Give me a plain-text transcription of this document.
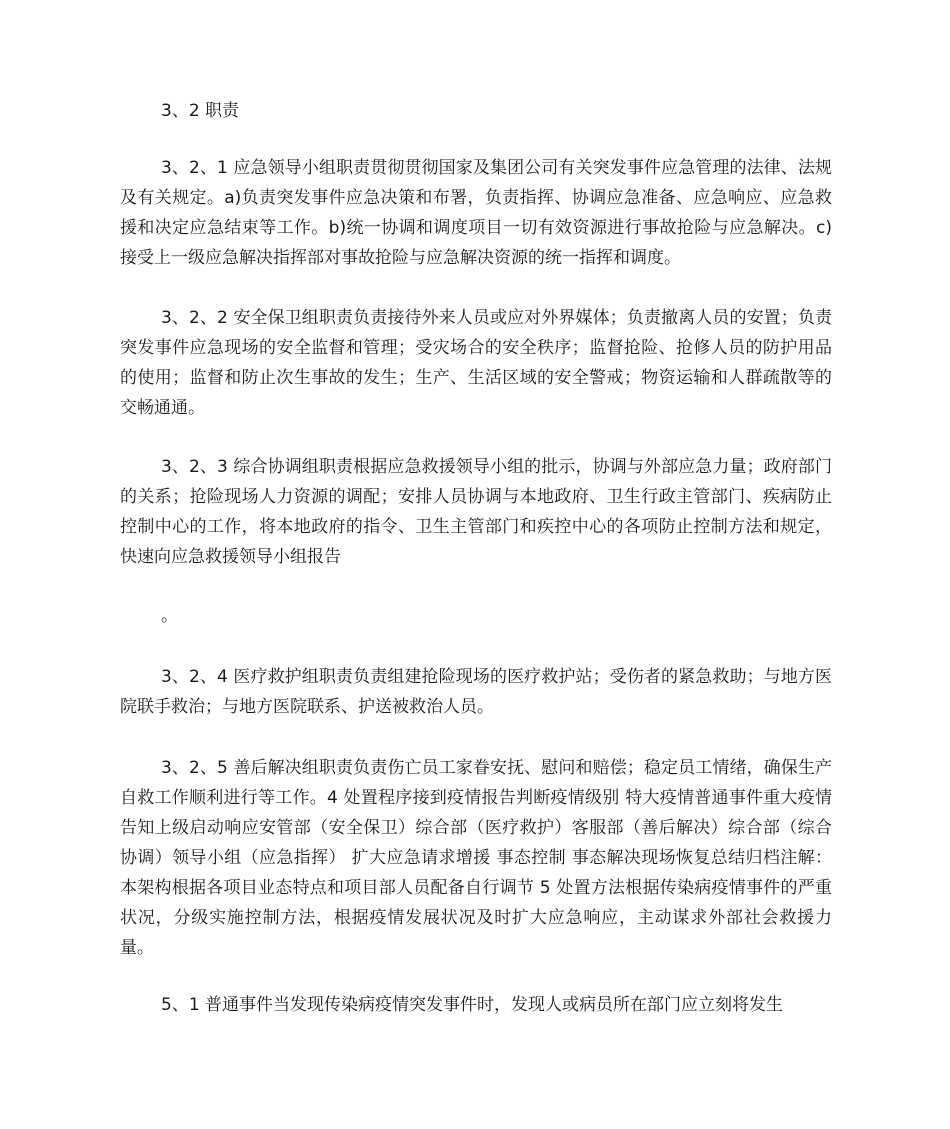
3、2 职责

3、2、1 应急领导小组职责贯彻贯彻国家及集团公司有关突发事件应急管理的法律、法规及有关规定。a)负责突发事件应急决策和布署，负责指挥、协调应急准备、应急响应、应急救援和决定应急结束等工作。b)统一协调和调度项目一切有效资源进行事故抢险与应急解决。c)接受上一级应急解决指挥部对事故抢险与应急解决资源的统一指挥和调度。

3、2、2 安全保卫组职责负责接待外来人员或应对外界媒体；负责撤离人员的安置；负责突发事件应急现场的安全监督和管理；受灾场合的安全秩序；监督抢险、抢修人员的防护用品的使用；监督和防止次生事故的发生；生产、生活区域的安全警戒；物资运输和人群疏散等的交畅通通。

3、2、3 综合协调组职责根据应急救援领导小组的批示，协调与外部应急力量；政府部门的关系；抢险现场人力资源的调配；安排人员协调与本地政府、卫生行政主管部门、疾病防止控制中心的工作，将本地政府的指令、卫生主管部门和疾控中心的各项防止控制方法和规定，快速向应急救援领导小组报告

。

3、2、4 医疗救护组职责负责组建抢险现场的医疗救护站；受伤者的紧急救助；与地方医院联手救治；与地方医院联系、护送被救治人员。

3、2、5 善后解决组职责负责伤亡员工家眷安抚、慰问和赔偿；稳定员工情绪，确保生产自救工作顺利进行等工作。4 处置程序接到疫情报告判断疫情级别 特大疫情普通事件重大疫情告知上级启动响应安管部（安全保卫）综合部（医疗救护）客服部（善后解决）综合部（综合协调）领导小组（应急指挥） 扩大应急请求增援 事态控制 事态解决现场恢复总结归档注解：本架构根据各项目业态特点和项目部人员配备自行调节 5 处置方法根据传染病疫情事件的严重状况，分级实施控制方法，根据疫情发展状况及时扩大应急响应，主动谋求外部社会救援力量。

5、1 普通事件当发现传染病疫情突发事件时，发现人或病员所在部门应立刻将发生
